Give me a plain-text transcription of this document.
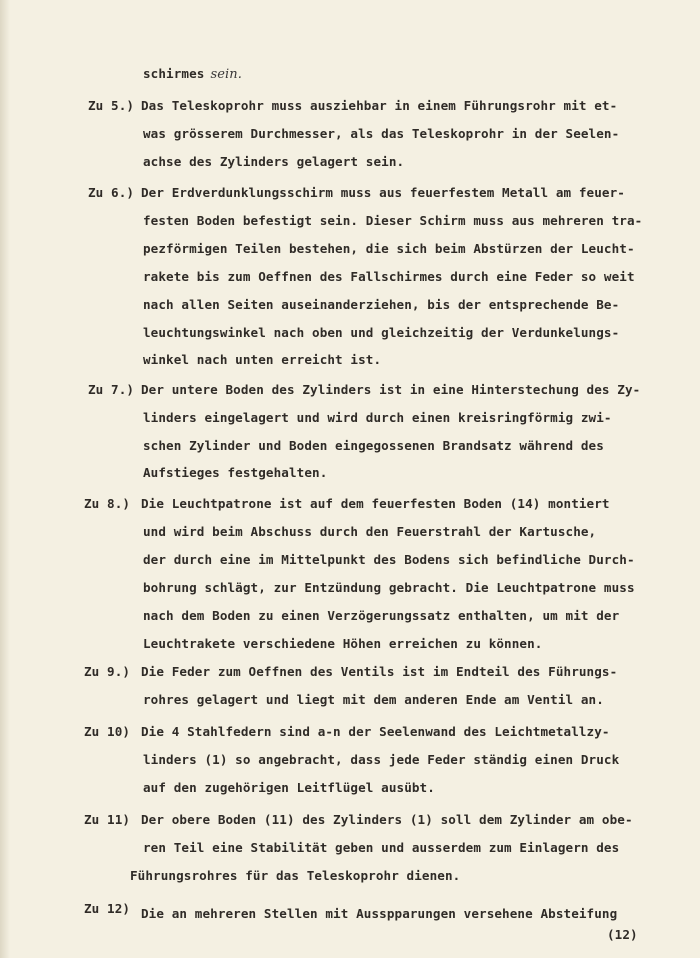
schirmes sein.
Zu 5.) Das Teleskoprohr muss ausziehbar in einem Führungsrohr mit et-
was grösserem Durchmesser, als das Teleskoprohr in der Seelen-
achse des Zylinders gelagert sein.
Zu 6.) Der Erdverdunklungsschirm muss aus feuerfestem Metall am feuer-
festen Boden befestigt sein. Dieser Schirm muss aus mehreren tra-
pezförmigen Teilen bestehen, die sich beim Abstürzen der Leucht-
rakete bis zum Oeffnen des Fallschirmes durch eine Feder so weit
nach allen Seiten auseinanderziehen, bis der entsprechende Be-
leuchtungswinkel nach oben und gleichzeitig der Verdunkelungs-
winkel nach unten erreicht ist.
Zu 7.) Der untere Boden des Zylinders ist in eine Hinterstechung des Zy-
linders eingelagert und wird durch einen kreisringförmig zwi-
schen Zylinder und Boden eingegossenen Brandsatz während des
Aufstieges festgehalten.
Zu 8.) Die Leuchtpatrone ist auf dem feuerfesten Boden (14) montiert
und wird beim Abschuss durch den Feuerstrahl der Kartusche,
der durch eine im Mittelpunkt des Bodens sich befindliche Durch-
bohrung schlägt, zur Entzündung gebracht. Die Leuchtpatrone muss
nach dem Boden zu einen Verzögerungssatz enthalten, um mit der
Leuchtrakete verschiedene Höhen erreichen zu können.
Zu 9.) Die Feder zum Oeffnen des Ventils ist im Endteil des Führungs-
rohres gelagert und liegt mit dem anderen Ende am Ventil an.
Zu 10) Die 4 Stahlfedern sind a-n der Seelenwand des Leichtmetallzy-
linders (1) so angebracht, dass jede Feder ständig einen Druck
auf den zugehörigen Leitflügel ausübt.
Zu 11) Der obere Boden (11) des Zylinders (1) soll dem Zylinder am obe-
ren Teil eine Stabilität geben und ausserdem zum Einlagern des
Führungsrohres für das Teleskoprohr dienen.
Zu 12) Die an mehreren Stellen mit Ausspparungen versehene Absteifung
(12)
